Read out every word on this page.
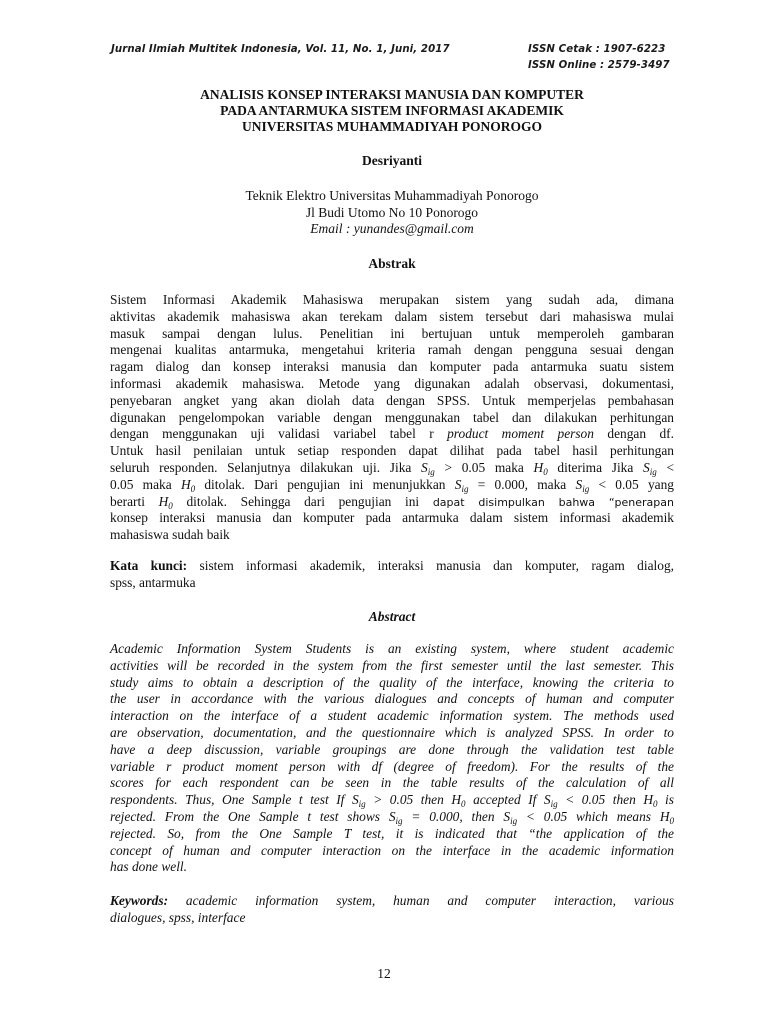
Jurnal Ilmiah Multitek Indonesia, Vol. 11, No. 1, Juni, 2017	ISSN Cetak : 1907-6223
ISSN Online : 2579-3497
ANALISIS KONSEP INTERAKSI MANUSIA DAN KOMPUTER
PADA ANTARMUKA SISTEM INFORMASI AKADEMIK
UNIVERSITAS MUHAMMADIYAH PONOROGO
Desriyanti
Teknik Elektro Universitas Muhammadiyah Ponorogo
Jl Budi Utomo No 10 Ponorogo
Email : yunandes@gmail.com
Abstrak
Sistem Informasi Akademik Mahasiswa merupakan sistem yang sudah ada, dimana
aktivitas akademik mahasiswa akan terekam dalam sistem tersebut dari mahasiswa mulai
masuk sampai dengan lulus. Penelitian ini bertujuan untuk memperoleh gambaran
mengenai kualitas antarmuka, mengetahui kriteria ramah dengan pengguna sesuai dengan
ragam dialog dan konsep interaksi manusia dan komputer pada antarmuka suatu sistem
informasi akademik mahasiswa. Metode yang digunakan adalah observasi, dokumentasi,
penyebaran angket yang akan diolah data dengan SPSS. Untuk memperjelas pembahasan
digunakan pengelompokan variable dengan menggunakan tabel dan dilakukan perhitungan
dengan menggunakan uji validasi variabel tabel r product moment person dengan df.
Untuk hasil penilaian untuk setiap responden dapat dilihat pada tabel hasil perhitungan
seluruh responden. Selanjutnya dilakukan uji. Jika $S_{ig} > 0.05$ maka $H_0$ diterima Jika $S_{ig}$ <
0.05 maka $H_0$ ditolak. Dari pengujian ini menunjukkan $S_{ig} = 0.000$, maka $S_{ig} < 0.05$ yang
berarti $H_0$ ditolak. Sehingga dari pengujian ini dapat disimpulkan bahwa “penerapan
konsep interaksi manusia dan komputer pada antarmuka dalam sistem informasi akademik
mahasiswa sudah baik
Kata kunci: sistem informasi akademik, interaksi manusia dan komputer, ragam dialog,
spss, antarmuka
Abstract
Academic Information System Students is an existing system, where student academic
activities will be recorded in the system from the first semester until the last semester. This
study aims to obtain a description of the quality of the interface, knowing the criteria to
the user in accordance with the various dialogues and concepts of human and computer
interaction on the interface of a student academic information system. The methods used
are observation, documentation, and the questionnaire which is analyzed SPSS. In order to
have a deep discussion, variable groupings are done through the validation test table
variable r product moment person with df (degree of freedom). For the results of the
scores for each respondent can be seen in the table results of the calculation of all
respondents. Thus, One Sample t test If $S_{ig} > 0.05$ then $H_0$ accepted If $S_{ig} < 0.05$ then $H_0$ is
rejected. From the One Sample t test shows $S_{ig} = 0.000$, then $S_{ig} < 0.05$ which means $H_0$
rejected. So, from the One Sample T test, it is indicated that “the application of the
concept of human and computer interaction on the interface in the academic information
has done well.
Keywords: academic information system, human and computer interaction, various
dialogues, spss, interface
12
